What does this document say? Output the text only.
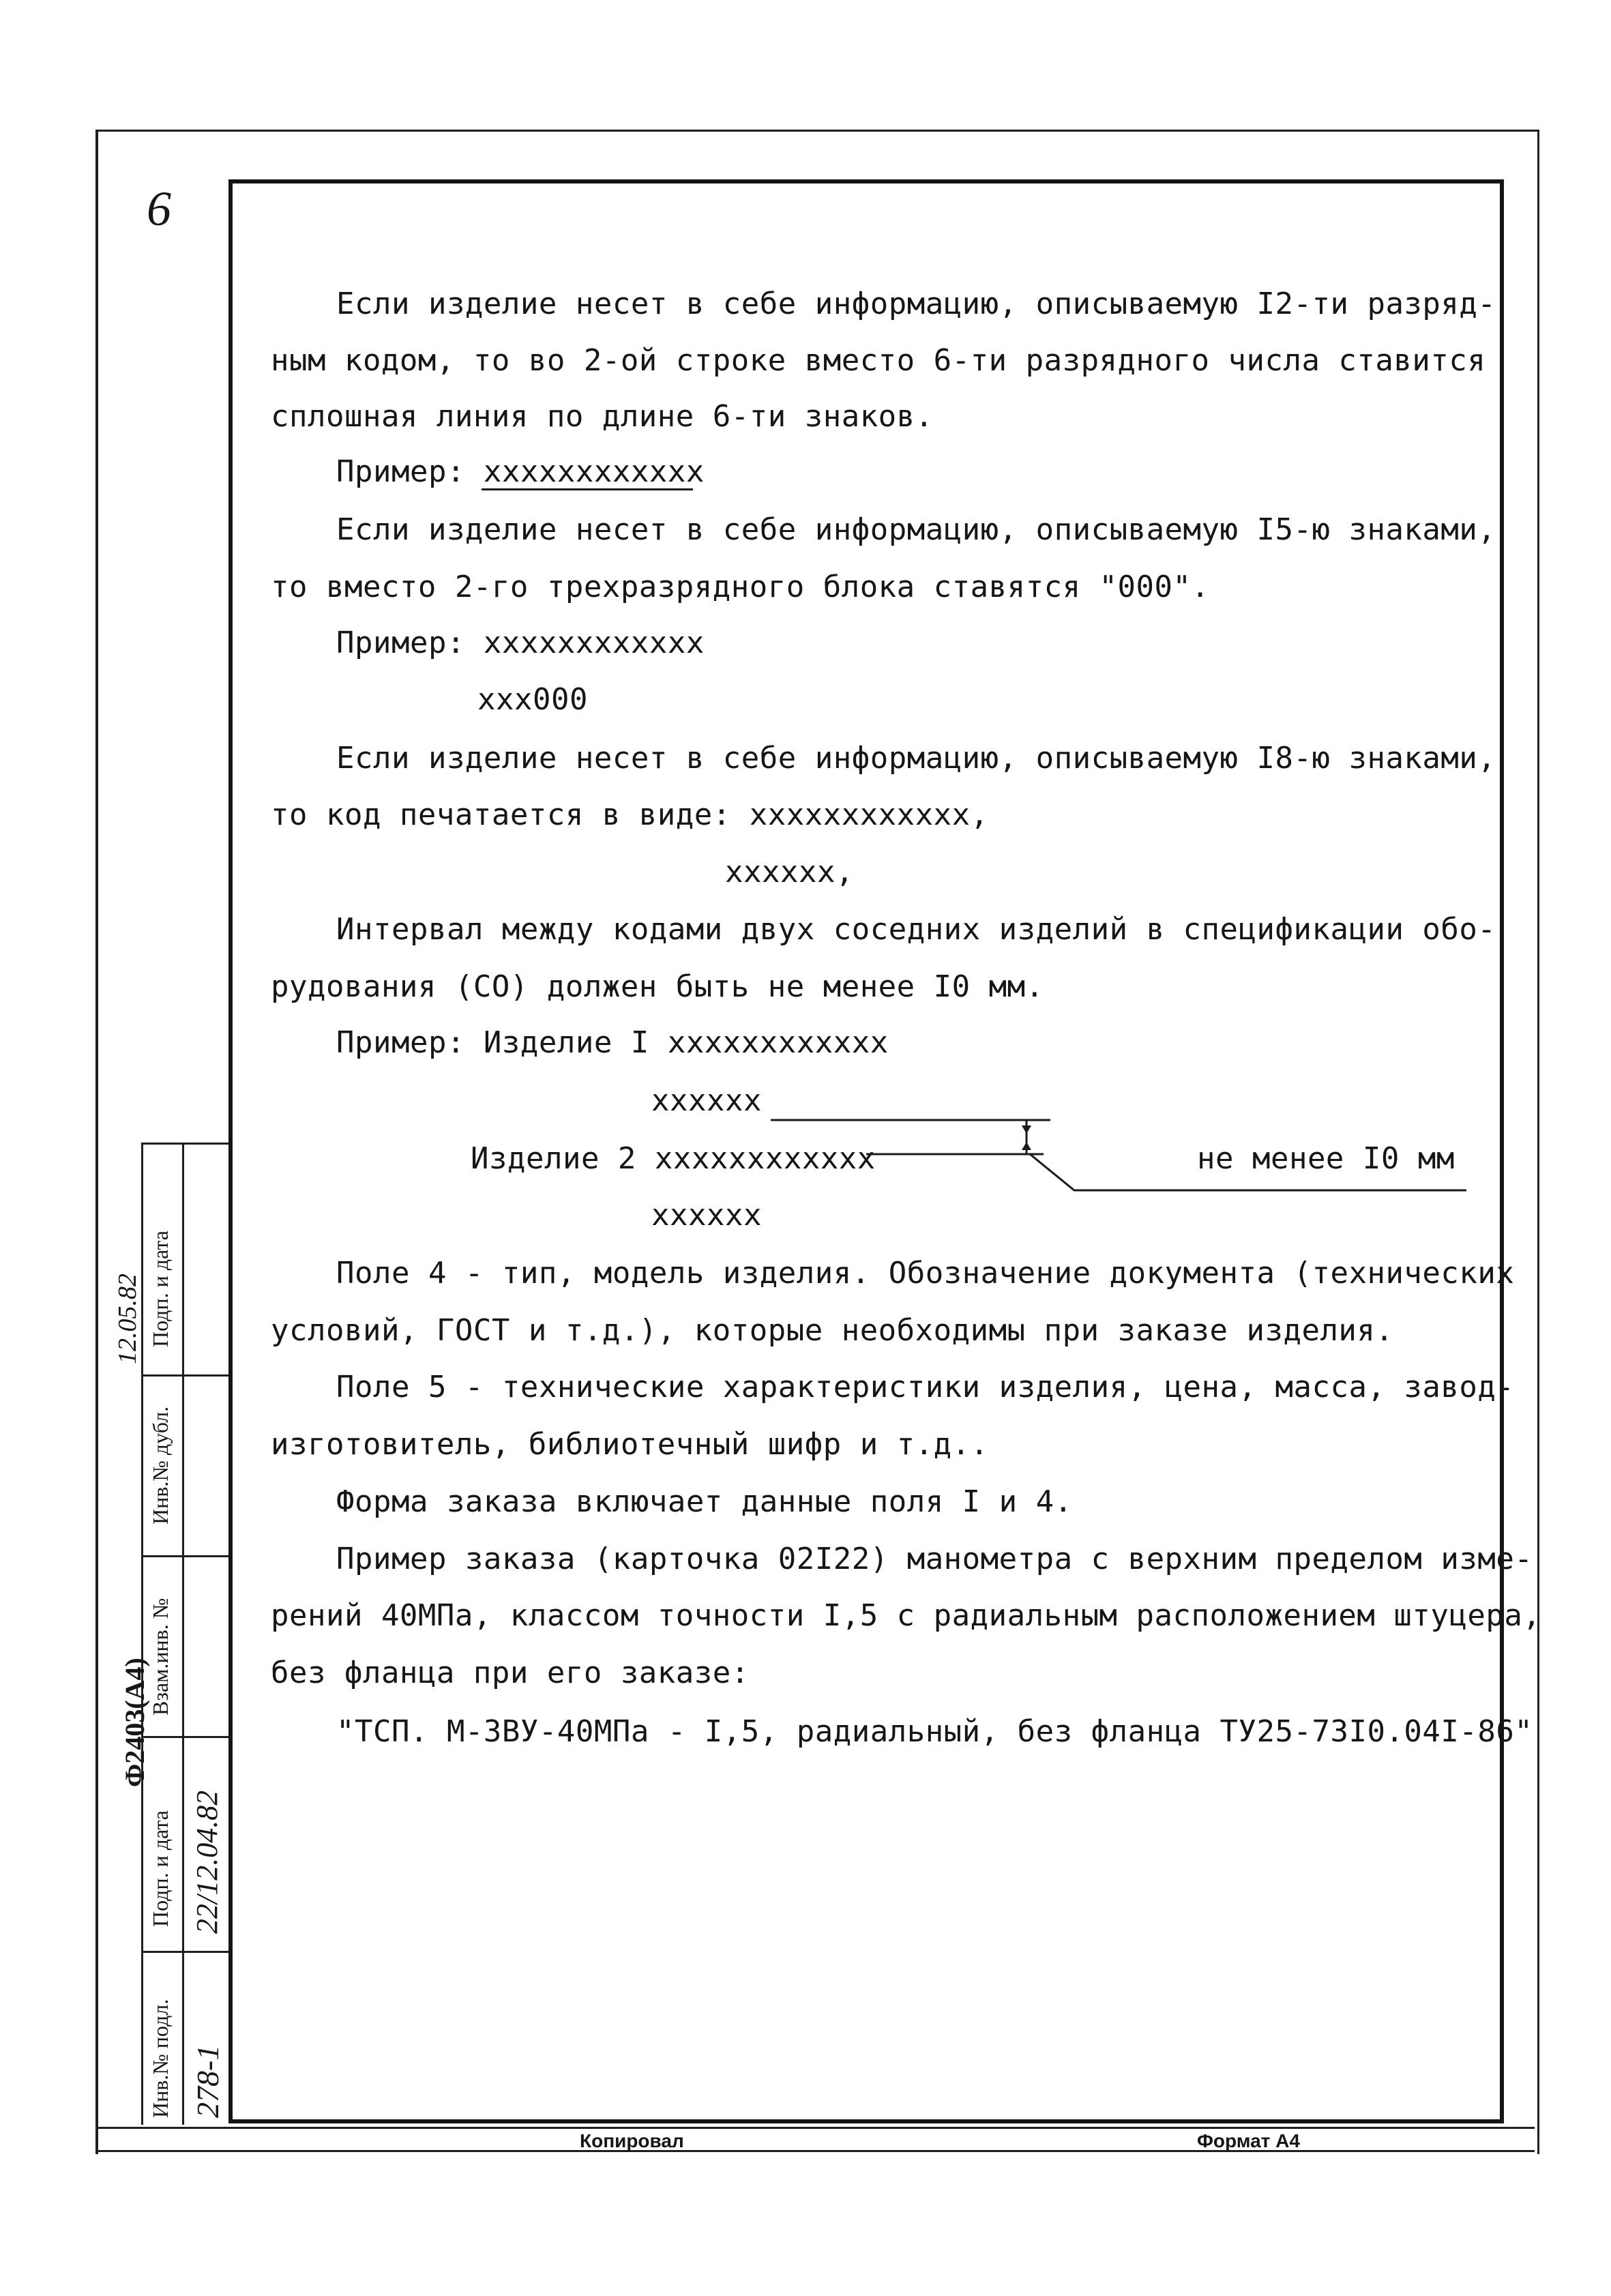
6
Если изделие несет в себе информацию, описываемую I2-ти разряд-
ным кодом, то во 2-ой строке вместо 6-ти разрядного числа ставится
сплошная линия по длине 6-ти знаков.
Пример: xxxxxxxxxxxx
Если изделие несет в себе информацию, описываемую I5-ю знаками,
то вместо 2-го трехразрядного блока ставятся "000".
Пример: xxxxxxxxxxxx
xxx000
Если изделие несет в себе информацию, описываемую I8-ю знаками,
то код печатается в виде: xxxxxxxxxxxx,
xxxxxx,
Интервал между кодами двух соседних изделий в спецификации обо-
рудования (СО) должен быть не менее I0 мм.
Пример: Изделие I xxxxxxxxxxxx
xxxxxx
Изделие 2 xxxxxxxxxxxx	не менее I0 мм
xxxxxx
Поле 4 - тип, модель изделия. Обозначение документа (технических
условий, ГОСТ и т.д.), которые необходимы при заказе изделия.
Поле 5 - технические характеристики изделия, цена, масса, завод-
изготовитель, библиотечный шифр и т.д..
Форма заказа включает данные поля I и 4.
Пример заказа (карточка 02I22) манометра с верхним пределом изме-
рений 40МПа, классом точности I,5 с радиальным расположением штуцера,
без фланца при его заказе:
"ТСП. М-3ВУ-40МПа - I,5, радиальный, без фланца ТУ25-73I0.04I-86"
Подп. и дата
Инв.№ дубл.
Взам.инв. №
Подп. и дата
Инв.№ подл.
22/12.04.82
278-1
Ф2403(А4)
12.05.82
Копировал	Формат А4
